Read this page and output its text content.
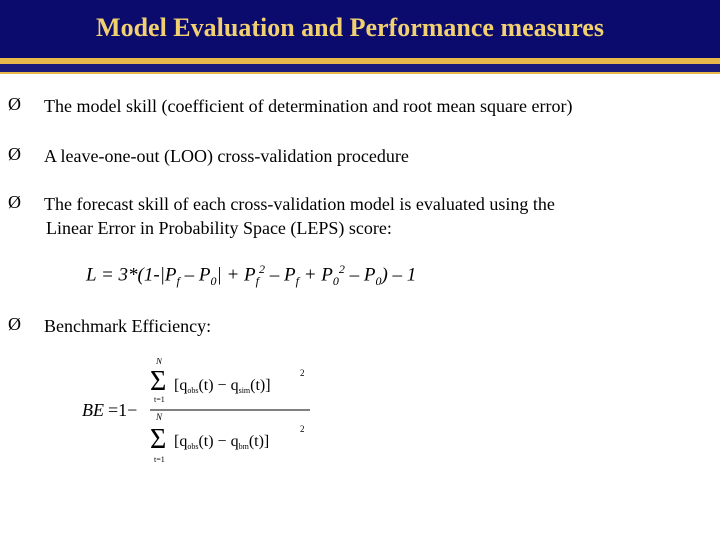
Model Evaluation and Performance measures
Ø The model skill (coefficient of determination and root mean square error)
Ø A leave-one-out (LOO) cross-validation procedure
Ø The forecast skill of each cross-validation model is evaluated using the
Linear Error in Probability Space (LEPS) score:
$L = 3*(1-|P_f - P_0| + P_f^2 - P_f + P_0^2 - P_0) - 1$
Ø Benchmark Efficiency:
BE =1−
N
Σ
t=1
[qobs(t) − qsim(t)]
2
N
Σ
t=1
[qobs(t) − qbm(t)]
2
